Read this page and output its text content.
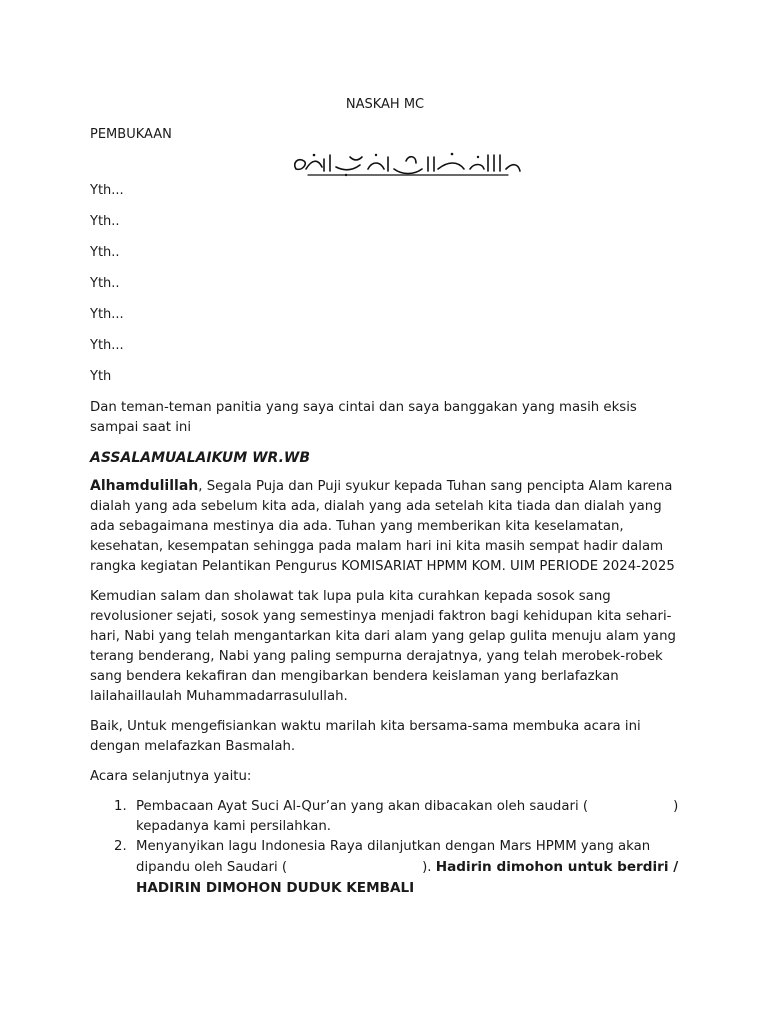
NASKAH MC

PEMBUKAAN

Yth...

Yth..

Yth..

Yth..

Yth...

Yth...

Yth

Dan teman-teman panitia yang saya cintai dan saya banggakan yang masih eksis sampai saat ini

ASSALAMUALAIKUM WR.WB

Alhamdulillah, Segala Puja dan Puji syukur kepada Tuhan sang pencipta Alam karena dialah yang ada sebelum kita ada, dialah yang ada setelah kita tiada dan dialah yang ada sebagaimana mestinya dia ada. Tuhan yang memberikan kita keselamatan, kesehatan, kesempatan sehingga pada malam hari ini kita masih sempat hadir dalam rangka kegiatan Pelantikan Pengurus KOMISARIAT HPMM KOM. UIM PERIODE 2024-2025

Kemudian salam dan sholawat tak lupa pula kita curahkan kepada sosok sang revolusioner sejati, sosok yang semestinya menjadi faktron bagi kehidupan kita sehari-hari, Nabi yang telah mengantarkan kita dari alam yang gelap gulita menuju alam yang terang benderang, Nabi yang paling sempurna derajatnya, yang telah merobek-robek sang bendera kekafiran dan mengibarkan bendera keislaman yang berlafazkan lailahaillaulah Muhammadarrasulullah.

Baik, Untuk mengefisiankan waktu marilah kita bersama-sama membuka acara ini dengan melafazkan Basmalah.

Acara selanjutnya yaitu:

1. Pembacaan Ayat Suci Al-Qur’an yang akan dibacakan oleh saudari (	) kepadanya kami persilahkan.
2. Menyanyikan lagu Indonesia Raya dilanjutkan dengan Mars HPMM yang akan dipandu oleh Saudari (	). Hadirin dimohon untuk berdiri / HADIRIN DIMOHON DUDUK KEMBALI
